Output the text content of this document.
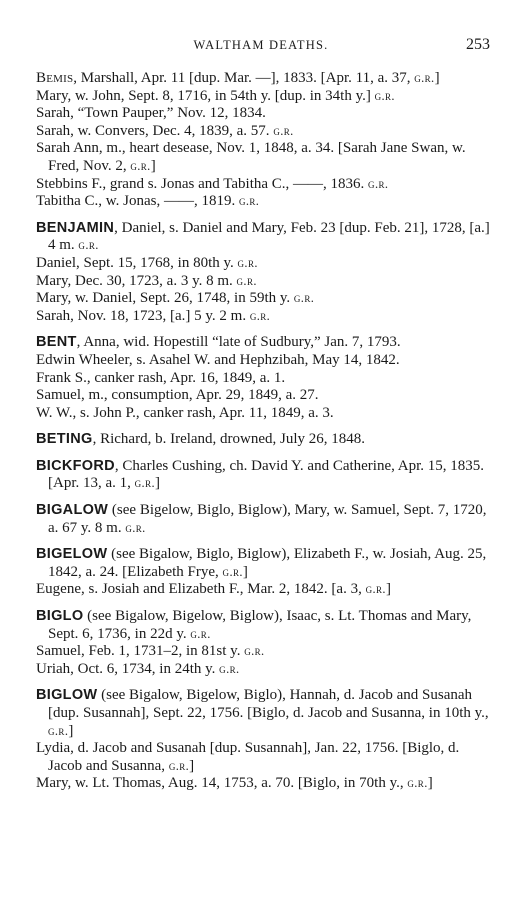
WALTHAM DEATHS.	253

Bemis, Marshall, Apr. 11 [dup. Mar. —], 1833. [Apr. 11, a. 37, g.r.]

Mary, w. John, Sept. 8, 1716, in 54th y. [dup. in 34th y.] g.r.

Sarah, “Town Pauper,” Nov. 12, 1834.

Sarah, w. Convers, Dec. 4, 1839, a. 57. g.r.

Sarah Ann, m., heart desease, Nov. 1, 1848, a. 34. [Sarah Jane Swan, w. Fred, Nov. 2, g.r.]

Stebbins F., grand s. Jonas and Tabitha C., ——, 1836. g.r.

Tabitha C., w. Jonas, ——, 1819. g.r.

BENJAMIN, Daniel, s. Daniel and Mary, Feb. 23 [dup. Feb. 21], 1728, [a.] 4 m. g.r.

Daniel, Sept. 15, 1768, in 80th y. g.r.

Mary, Dec. 30, 1723, a. 3 y. 8 m. g.r.

Mary, w. Daniel, Sept. 26, 1748, in 59th y. g.r.

Sarah, Nov. 18, 1723, [a.] 5 y. 2 m. g.r.

BENT, Anna, wid. Hopestill “late of Sudbury,” Jan. 7, 1793.

Edwin Wheeler, s. Asahel W. and Hephzibah, May 14, 1842.

Frank S., canker rash, Apr. 16, 1849, a. 1.

Samuel, m., consumption, Apr. 29, 1849, a. 27.

W. W., s. John P., canker rash, Apr. 11, 1849, a. 3.

BETING, Richard, b. Ireland, drowned, July 26, 1848.

BICKFORD, Charles Cushing, ch. David Y. and Catherine, Apr. 15, 1835. [Apr. 13, a. 1, g.r.]

BIGALOW (see Bigelow, Biglo, Biglow), Mary, w. Samuel, Sept. 7, 1720, a. 67 y. 8 m. g.r.

BIGELOW (see Bigalow, Biglo, Biglow), Elizabeth F., w. Josiah, Aug. 25, 1842, a. 24. [Elizabeth Frye, g.r.]

Eugene, s. Josiah and Elizabeth F., Mar. 2, 1842. [a. 3, g.r.]

BIGLO (see Bigalow, Bigelow, Biglow), Isaac, s. Lt. Thomas and Mary, Sept. 6, 1736, in 22d y. g.r.

Samuel, Feb. 1, 1731–2, in 81st y. g.r.

Uriah, Oct. 6, 1734, in 24th y. g.r.

BIGLOW (see Bigalow, Bigelow, Biglo), Hannah, d. Jacob and Susanah [dup. Susannah], Sept. 22, 1756. [Biglo, d. Jacob and Susanna, in 10th y., g.r.]

Lydia, d. Jacob and Susanah [dup. Susannah], Jan. 22, 1756. [Biglo, d. Jacob and Susanna, g.r.]

Mary, w. Lt. Thomas, Aug. 14, 1753, a. 70. [Biglo, in 70th y., g.r.]
